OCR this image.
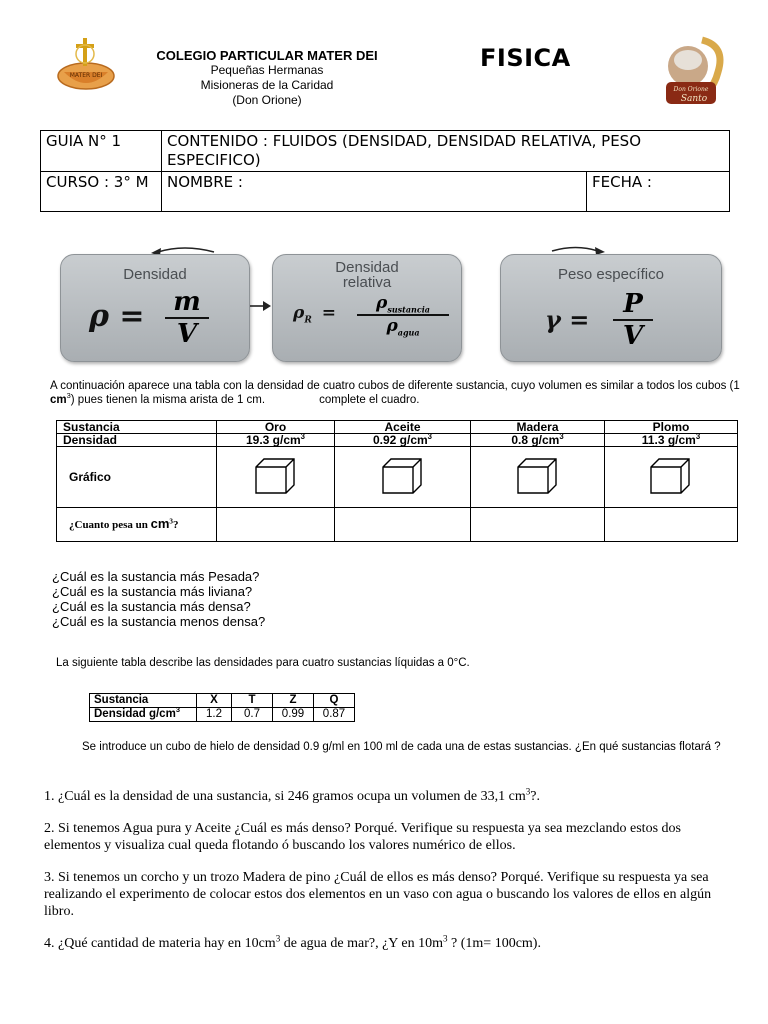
MATER DEI
COLEGIO PARTICULAR MATER DEI
Pequeñas Hermanas
Misioneras de la Caridad
(Don Orione)
FISICA
Don Orione
Santo
GUIA N° 1	CONTENIDO : FLUIDOS (DENSIDAD, DENSIDAD RELATIVA, PESO ESPECIFICO)	
CURSO : 3° M	NOMBRE :	FECHA :
Densidad
$\rho = \frac{m}{V}$
Densidad
relativa
$\rho_R$ =	$\rho_{sustancia}$
$\rho_{agua}$
Peso específico
$\gamma = \frac{P}{V}$
A continuación aparece una tabla con la densidad de cuatro cubos de diferente sustancia, cuyo volumen es similar a todos los cubos (1 $cm^3$) pues tienen la misma arista de 1 cm.	complete el cuadro.
Sustancia	Oro	Aceite	Madera	Plomo
Densidad	19.3 $g/cm^3$	0.92 $g/cm^3$	0.8 $g/cm^3$	11.3 $g/cm^3$
Gráfico				
¿Cuanto pesa un $cm^3$?				
¿Cuál es la sustancia más Pesada?
¿Cuál es la sustancia más liviana?
¿Cuál es la sustancia más densa?
¿Cuál es la sustancia menos densa?
La siguiente tabla describe las densidades para cuatro sustancias líquidas a 0°C.
Sustancia	X	T	Z	Q
Densidad $g/cm^3$	1.2	0.7	0.99	0.87
Se introduce un cubo de hielo de densidad 0.9 g/ml en 100 ml de cada una de estas sustancias. ¿En qué sustancias flotará ?

1. ¿Cuál es la densidad de una sustancia, si 246 gramos ocupa un volumen de 33,1 $cm^3$?.

2. Si tenemos Agua pura y Aceite ¿Cuál es más denso? Porqué. Verifique su respuesta ya sea mezclando estos dos elementos y visualiza cual queda flotando ó buscando los valores numérico de ellos.

3. Si tenemos un corcho y un trozo Madera de pino ¿Cuál de ellos es más denso? Porqué. Verifique su respuesta ya sea realizando el experimento de colocar estos dos elementos en un vaso con agua o buscando los valores de ellos en algún libro.

4. ¿Qué cantidad de materia hay en $10cm^3$ de agua de mar?, ¿Y en $10m^3$ ? (1m= 100cm).
